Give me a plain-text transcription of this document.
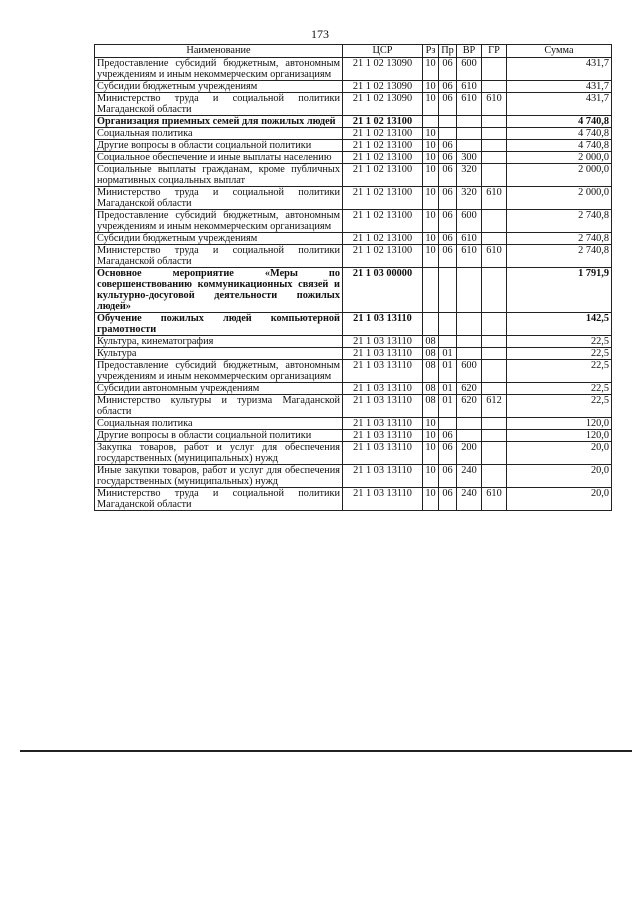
173
Наименование	ЦСР	Рз	Пр	ВР	ГР	Сумма
Предоставление субсидий бюджетным, автономным учреждениям и иным некоммерческим организациям	21 1 02 13090	10	06	600		431,7
Субсидии бюджетным учреждениям	21 1 02 13090	10	06	610		431,7
Министерство труда и социальной политики Магаданской области	21 1 02 13090	10	06	610	610	431,7
Организация приемных семей для пожилых людей	21 1 02 13100					4 740,8
Социальная политика	21 1 02 13100	10				4 740,8
Другие вопросы в области социальной политики	21 1 02 13100	10	06			4 740,8
Социальное обеспечение и иные выплаты населению	21 1 02 13100	10	06	300		2 000,0
Социальные выплаты гражданам, кроме публичных нормативных социальных выплат	21 1 02 13100	10	06	320		2 000,0
Министерство труда и социальной политики Магаданской области	21 1 02 13100	10	06	320	610	2 000,0
Предоставление субсидий бюджетным, автономным учреждениям и иным некоммерческим организациям	21 1 02 13100	10	06	600		2 740,8
Субсидии бюджетным учреждениям	21 1 02 13100	10	06	610		2 740,8
Министерство труда и социальной политики Магаданской области	21 1 02 13100	10	06	610	610	2 740,8
Основное мероприятие «Меры по совершенствованию коммуникационных связей и культурно-досуговой деятельности пожилых людей»	21 1 03 00000					1 791,9
Обучение пожилых людей компьютерной грамотности	21 1 03 13110					142,5
Культура, кинематография	21 1 03 13110	08				22,5
Культура	21 1 03 13110	08	01			22,5
Предоставление субсидий бюджетным, автономным учреждениям и иным некоммерческим организациям	21 1 03 13110	08	01	600		22,5
Субсидии автономным учреждениям	21 1 03 13110	08	01	620		22,5
Министерство культуры и туризма Магаданской области	21 1 03 13110	08	01	620	612	22,5
Социальная политика	21 1 03 13110	10				120,0
Другие вопросы в области социальной политики	21 1 03 13110	10	06			120,0
Закупка товаров, работ и услуг для обеспечения государственных (муниципальных) нужд	21 1 03 13110	10	06	200		20,0
Иные закупки товаров, работ и услуг для обеспечения государственных (муниципальных) нужд	21 1 03 13110	10	06	240		20,0
Министерство труда и социальной политики Магаданской области	21 1 03 13110	10	06	240	610	20,0
